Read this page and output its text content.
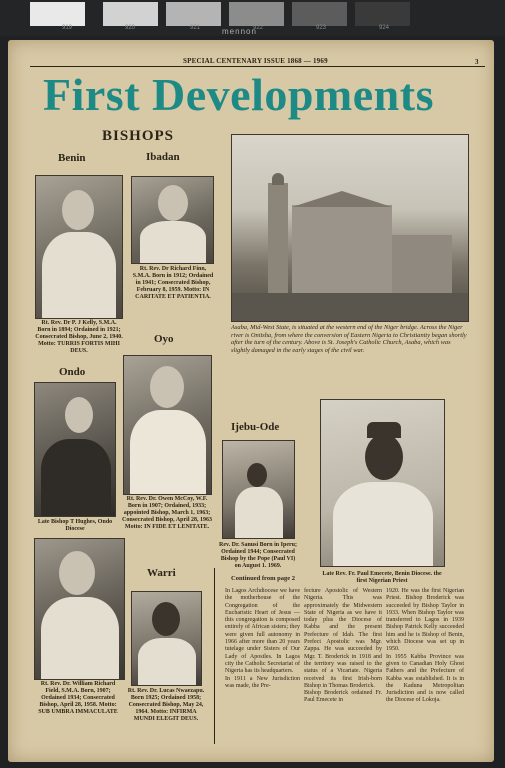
919	920	921	922	923	924
mennon
SPECIAL CENTENARY ISSUE 1868 — 1969	3
First Developments
BISHOPS
Benin	Ibadan
Oyo
Ondo
Ijebu-Ode
Warri
Rt. Rev. Dr P. J Kelly, S.M.A. Born in 1894; Ordained in 1921; Consecrated Bishop, June 2, 1940. Motto: TURRIS FORTIS MIHI DEUS.
Rt. Rev. Dr Richard Finn, S.M.A. Born in 1912; Ordained in 1941; Consecrated Bishop, February 8, 1959. Motto: IN CARITATE ET PATIENTIA.
Asaba, Mid-West State, is situated at the western end of the Niger bridge. Across the Niger river is Onitsha, from where the conversion of Eastern Nigeria to Christianity began shortly after the turn of the century. Above is St. Joseph's Catholic Church, Asaba, which was slightly damaged in the early stages of the civil war.
Rt. Rev. Dr. Owen McCoy, W.F. Born in 1907; Ordained, 1933; appointed Bishop, March 1, 1963; Consecrated Bishop, April 28, 1963 Motto: IN FIDE ET LENITATE.
Late Bishop T Hughes, Ondo Diocese
Rev. Dr. Sanusi Born in Iperu; Ordained 1944; Consecrated Bishop by the Pope (Paul VI) on August 1. 1969.
Late Rev. Fr. Paul Emecete, Benin Diocese. the first Nigerian Priest
Rt. Rev. Dr. William Richard Field, S.M.A. Born, 1907; Ordained 1934; Consecrated Bishop, April 28, 1958. Motto: SUB UMBRA IMMACULATE
Rt. Rev. Dr. Lucas Nwaezapu. Born 1925; Ordained 1958; Consecrated Bishop, May 24, 1964. Motto: INFIRMA MUNDI ELEGIT DEUS.
Continued from page 2
In Lagos Archdiocese we have the motherhouse of the Congregation of the Eucharistic Heart of Jesus — this congregation is composed entirely of African sisters; they were given full autonomy in 1966 after more than 20 years tutelage under Sisters of Our Lady of Apostles. In Lagos city the Catholic Secretariat of Nigeria has its headquarters.
In 1911 a New Jurisdiction was made, the Pre-
fecture Apostolic of Western Nigeria. This was approximately the Midwestern State of Nigeria as we have it today plus the Diocese of Kabba and the present Prefecture of Idah. The first Prefect Apostolic was Mgr. Zappa. He was succeeded by Mgr. T. Broderick in 1918 and the territory was raised to the status of a Vicariate. Nigeria received its first Irish-born Bishop in Thomas Broderick.
Bishop Broderick ordained Fr. Paul Emecete in
1920. He was the first Nigerian Priest. Bishop Broderick was succeeded by Bishop Taylor in 1933. When Bishop Taylor was transferred to Lagos in 1939 Bishop Patrick Kelly succeeded him and he is Bishop of Benin, which Diocese was set up in 1950.
In 1955 Kabba Province was given to Canadian Holy Ghost Fathers and the Prefecture of Kabba was established. It is in the Kaduna Metropolitan Jurisdiction and is now called the Diocese of Lokoja.
